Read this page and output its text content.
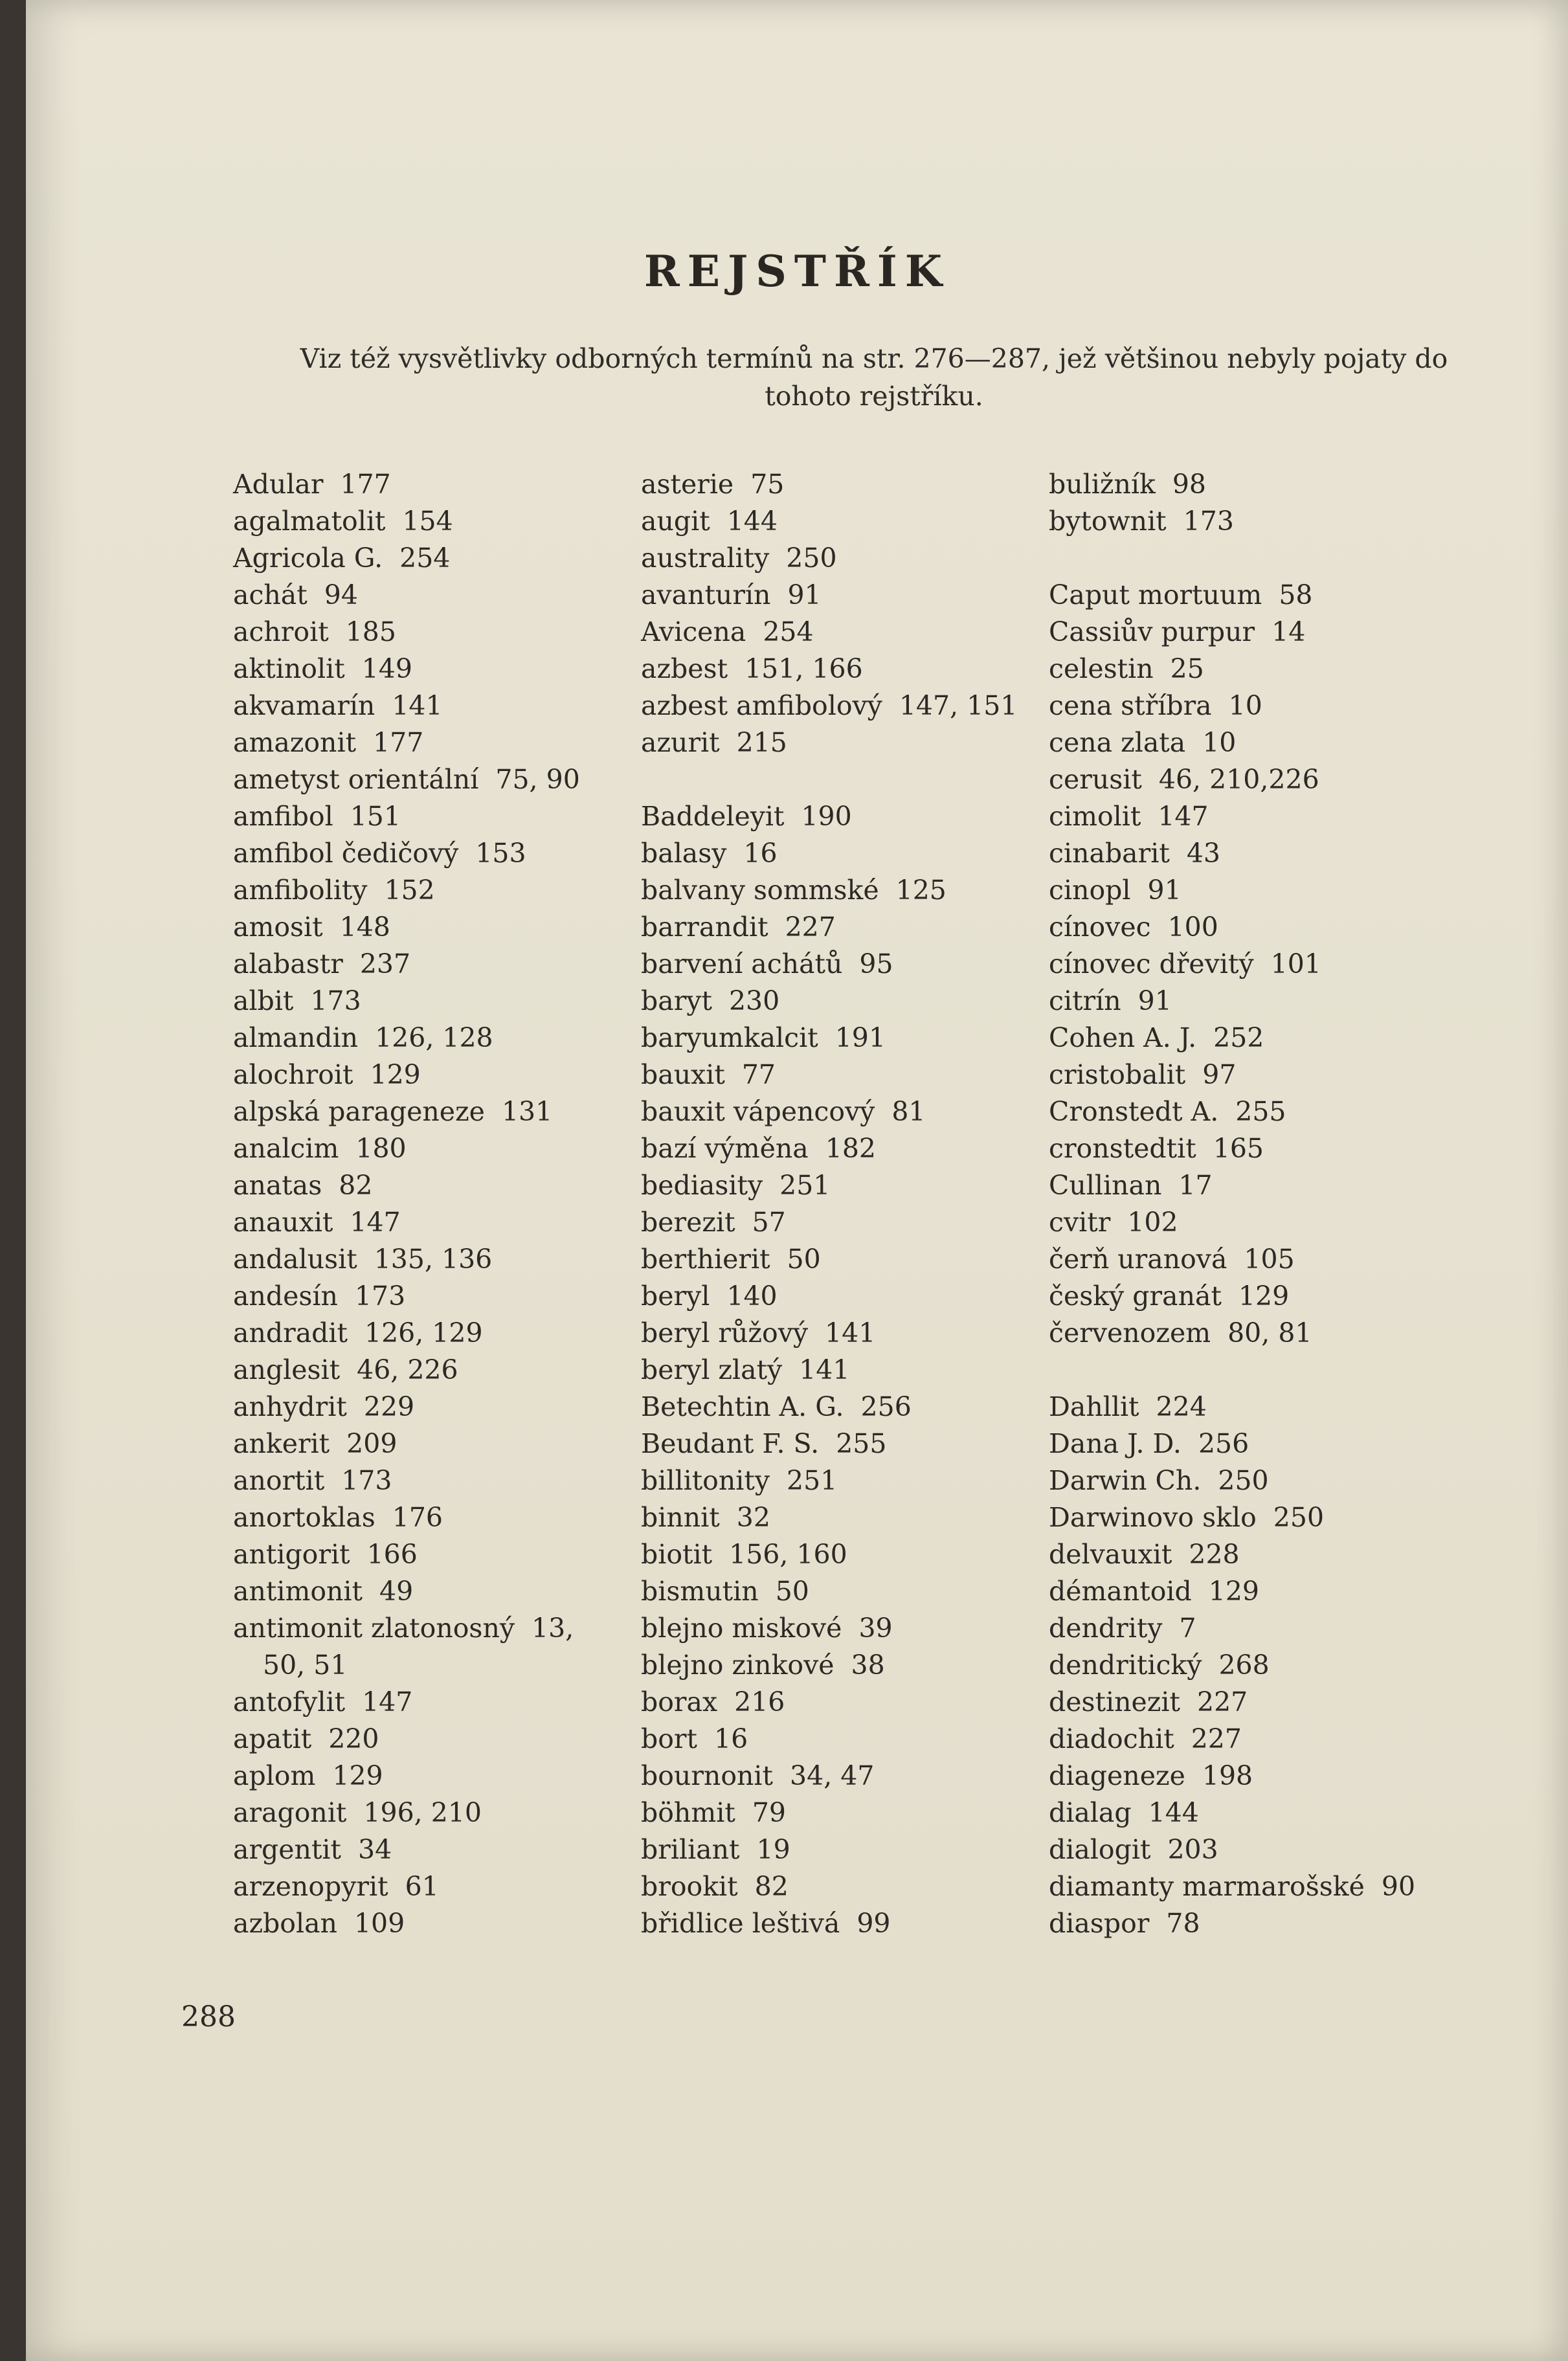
REJSTŘÍK

Viz též vysvětlivky odborných termínů na str. 276—287, jež většinou nebyly pojaty do tohoto rejstříku.

Adular 177
agalmatolit 154
Agricola G. 254
achát 94
achroit 185
aktinolit 149
akvamarín 141
amazonit 177
ametyst orientální 75, 90
amfibol 151
amfibol čedičový 153
amfibolity 152
amosit 148
alabastr 237
albit 173
almandin 126, 128
alochroit 129
alpská parageneze 131
analcim 180
anatas 82
anauxit 147
andalusit 135, 136
andesín 173
andradit 126, 129
anglesit 46, 226
anhydrit 229
ankerit 209
anortit 173
anortoklas 176
antigorit 166
antimonit 49
antimonit zlatonosný 13, 50, 51
antofylit 147
apatit 220
aplom 129
aragonit 196, 210
argentit 34
arzenopyrit 61
azbolan 109
asterie 75
augit 144
australity 250
avanturín 91
Avicena 254
azbest 151, 166
azbest amfibolový 147, 151
azurit 215
Baddeleyit 190
balasy 16
balvany sommské 125
barrandit 227
barvení achátů 95
baryt 230
baryumkalcit 191
bauxit 77
bauxit vápencový 81
bazí výměna 182
bediasity 251
berezit 57
berthierit 50
beryl 140
beryl růžový 141
beryl zlatý 141
Betechtin A. G. 256
Beudant F. S. 255
billitonity 251
binnit 32
biotit 156, 160
bismutin 50
blejno miskové 39
blejno zinkové 38
borax 216
bort 16
bournonit 34, 47
böhmit 79
briliant 19
brookit 82
břidlice leštivá 99
buližník 98
bytownit 173
Caput mortuum 58
Cassiův purpur 14
celestin 25
cena stříbra 10
cena zlata 10
cerusit 46, 210,226
cimolit 147
cinabarit 43
cinopl 91
cínovec 100
cínovec dřevitý 101
citrín 91
Cohen A. J. 252
cristobalit 97
Cronstedt A. 255
cronstedtit 165
Cullinan 17
cvitr 102
čerň uranová 105
český granát 129
červenozem 80, 81
Dahllit 224
Dana J. D. 256
Darwin Ch. 250
Darwinovo sklo 250
delvauxit 228
démantoid 129
dendrity 7
dendritický 268
destinezit 227
diadochit 227
diageneze 198
dialag 144
dialogit 203
diamanty marmarošské 90
diaspor 78
288
